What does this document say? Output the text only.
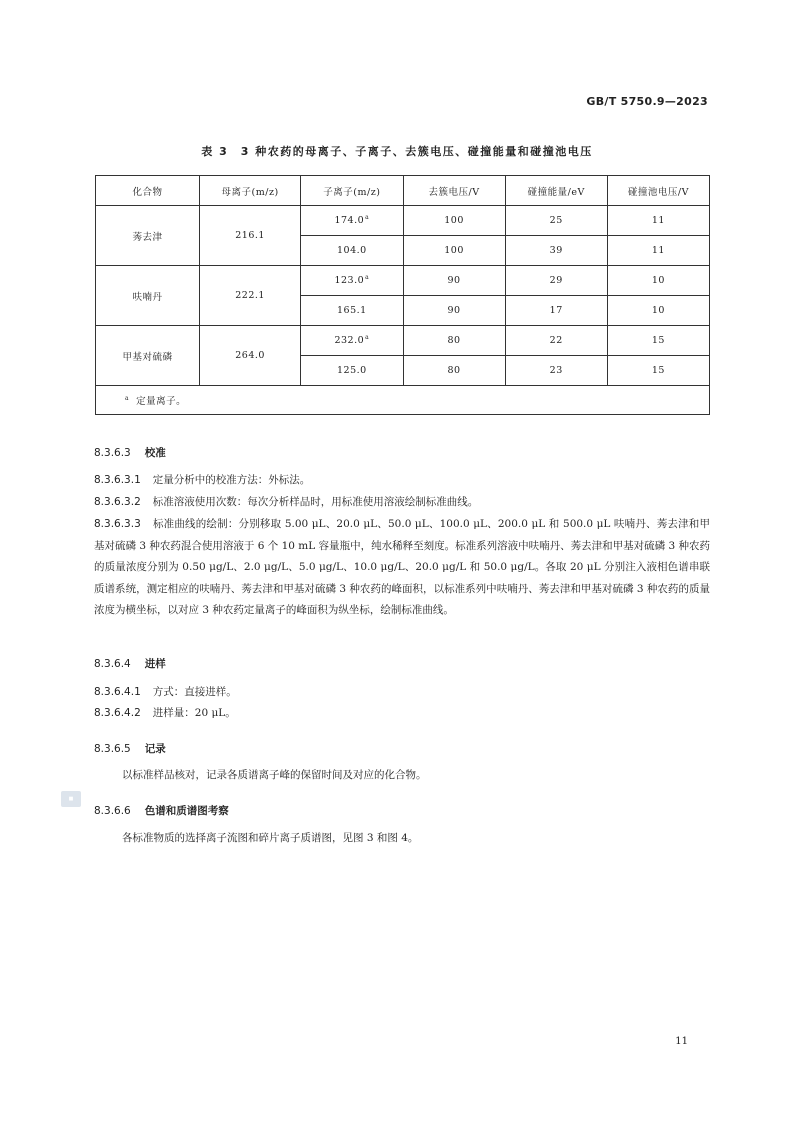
GB/T 5750.9—2023
表 3　3 种农药的母离子、子离子、去簇电压、碰撞能量和碰撞池电压
化合物	母离子(m/z)	子离子(m/z)	去簇电压/V	碰撞能量/eV	碰撞池电压/V
莠去津	216.1	174.0$^a$	100	25	11
		104.0	100	39	11
呋喃丹	222.1	123.0$^a$	90	29	10
		165.1	90	17	10
甲基对硫磷	264.0	232.0$^a$	80	22	15
		125.0	80	23	15
$^a$ 定量离子。					
8.3.6.3 校准
8.3.6.3.1 定量分析中的校准方法：外标法。
8.3.6.3.2 标准溶液使用次数：每次分析样品时，用标准使用溶液绘制标准曲线。
8.3.6.3.3 标准曲线的绘制：分别移取 5.00 μL、20.0 μL、50.0 μL、100.0 μL、200.0 μL 和 500.0 μL 呋喃丹、莠去津和甲基对硫磷 3 种农药混合使用溶液于 6 个 10 mL 容量瓶中，纯水稀释至刻度。标准系列溶液中呋喃丹、莠去津和甲基对硫磷 3 种农药的质量浓度分别为 0.50 μg/L、2.0 μg/L、5.0 μg/L、10.0 μg/L、20.0 μg/L 和 50.0 μg/L。各取 20 μL 分别注入液相色谱串联质谱系统，测定相应的呋喃丹、莠去津和甲基对硫磷 3 种农药的峰面积，以标准系列中呋喃丹、莠去津和甲基对硫磷 3 种农药的质量浓度为横坐标，以对应 3 种农药定量离子的峰面积为纵坐标，绘制标准曲线。
8.3.6.4 进样
8.3.6.4.1 方式：直接进样。
8.3.6.4.2 进样量：20 μL。
8.3.6.5 记录
以标准样品核对，记录各质谱离子峰的保留时间及对应的化合物。
■
8.3.6.6 色谱和质谱图考察
各标准物质的选择离子流图和碎片离子质谱图，见图 3 和图 4。
11
